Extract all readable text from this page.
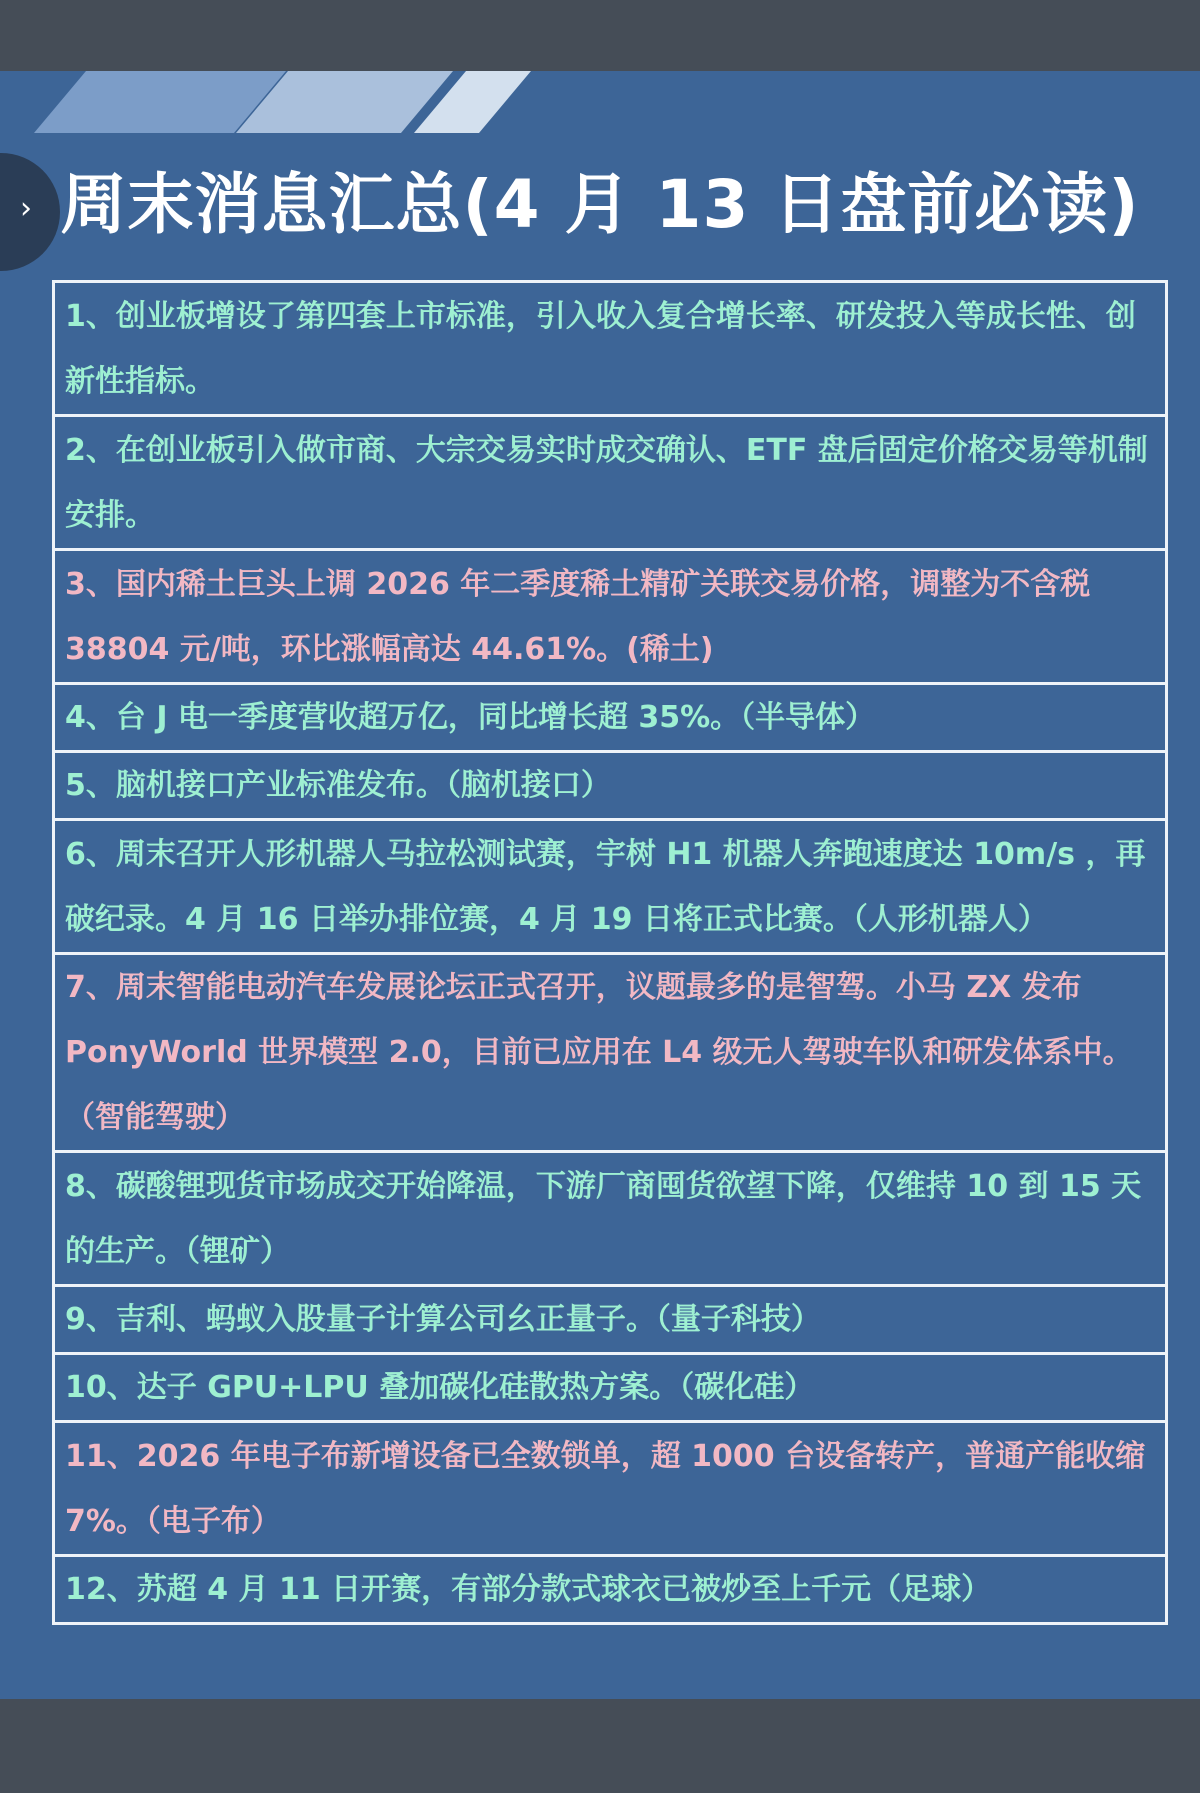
› 周末消息汇总(4 月 13 日盘前必读)
1、创业板增设了第四套上市标准，引入收入复合增长率、研发投入等成长性、创新性指标。
2、在创业板引入做市商、大宗交易实时成交确认、ETF 盘后固定价格交易等机制安排。
3、国内稀土巨头上调 2026 年二季度稀土精矿关联交易价格，调整为不含税 38804 元/吨，环比涨幅高达 44.61%。(稀土)
4、台 J 电一季度营收超万亿，同比增长超 35%。（半导体）
5、脑机接口产业标准发布。（脑机接口）
6、周末召开人形机器人马拉松测试赛，宇树 H1 机器人奔跑速度达 10m/s ，再破纪录。4 月 16 日举办排位赛，4 月 19 日将正式比赛。（人形机器人）
7、周末智能电动汽车发展论坛正式召开，议题最多的是智驾。小马 ZX 发布 PonyWorld 世界模型 2.0，目前已应用在 L4 级无人驾驶车队和研发体系中。（智能驾驶）
8、碳酸锂现货市场成交开始降温，下游厂商囤货欲望下降，仅维持 10 到 15 天的生产。（锂矿）
9、吉利、蚂蚁入股量子计算公司幺正量子。（量子科技）
10、达子 GPU+LPU 叠加碳化硅散热方案。（碳化硅）
11、2026 年电子布新增设备已全数锁单，超 1000 台设备转产，普通产能收缩 7%。（电子布）
12、苏超 4 月 11 日开赛，有部分款式球衣已被炒至上千元（足球）
